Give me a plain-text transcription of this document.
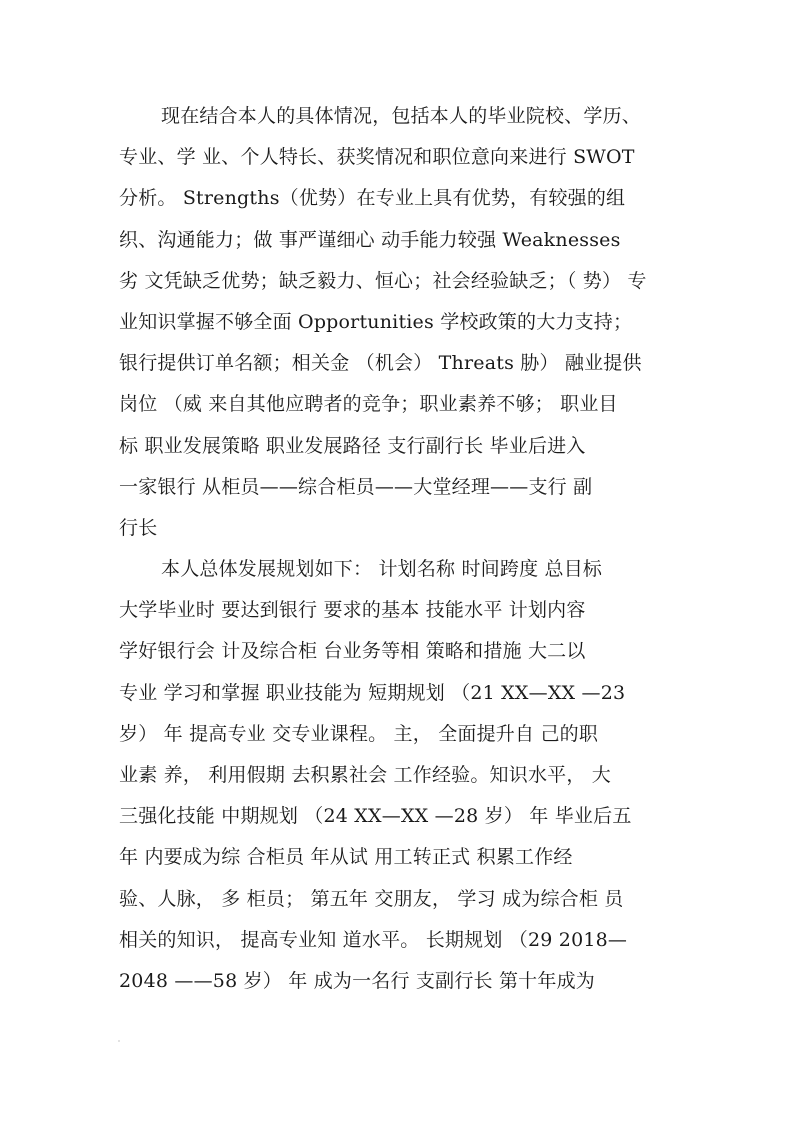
现在结合本人的具体情况，包括本人的毕业院校、学历、
专业、学 业、个人特长、获奖情况和职位意向来进行 SWOT
分析。 Strengths（优势）在专业上具有优势，有较强的组
织、沟通能力；做 事严谨细心 动手能力较强 Weaknesses
劣 文凭缺乏优势；缺乏毅力、恒心；社会经验缺乏；（ 势） 专
业知识掌握不够全面 Opportunities 学校政策的大力支持；
银行提供订单名额；相关金 （机会） Threats 胁） 融业提供
岗位 （威 来自其他应聘者的竞争；职业素养不够； 职业目
标 职业发展策略 职业发展路径 支行副行长 毕业后进入
一家银行 从柜员——综合柜员——大堂经理——支行 副
行长
本人总体发展规划如下： 计划名称 时间跨度 总目标
大学毕业时 要达到银行 要求的基本 技能水平 计划内容
学好银行会 计及综合柜 台业务等相 策略和措施 大二以
专业 学习和掌握 职业技能为 短期规划 （21 XX—XX —23
岁） 年 提高专业 交专业课程。 主， 全面提升自 己的职
业素 养， 利用假期 去积累社会 工作经验。知识水平， 大
三强化技能 中期规划 （24 XX—XX —28 岁） 年 毕业后五
年 内要成为综 合柜员 年从试 用工转正式 积累工作经
验、人脉， 多 柜员； 第五年 交朋友， 学习 成为综合柜 员
相关的知识， 提高专业知 道水平。 长期规划 （29 2018—
2048 ——58 岁） 年 成为一名行 支副行长 第十年成为
